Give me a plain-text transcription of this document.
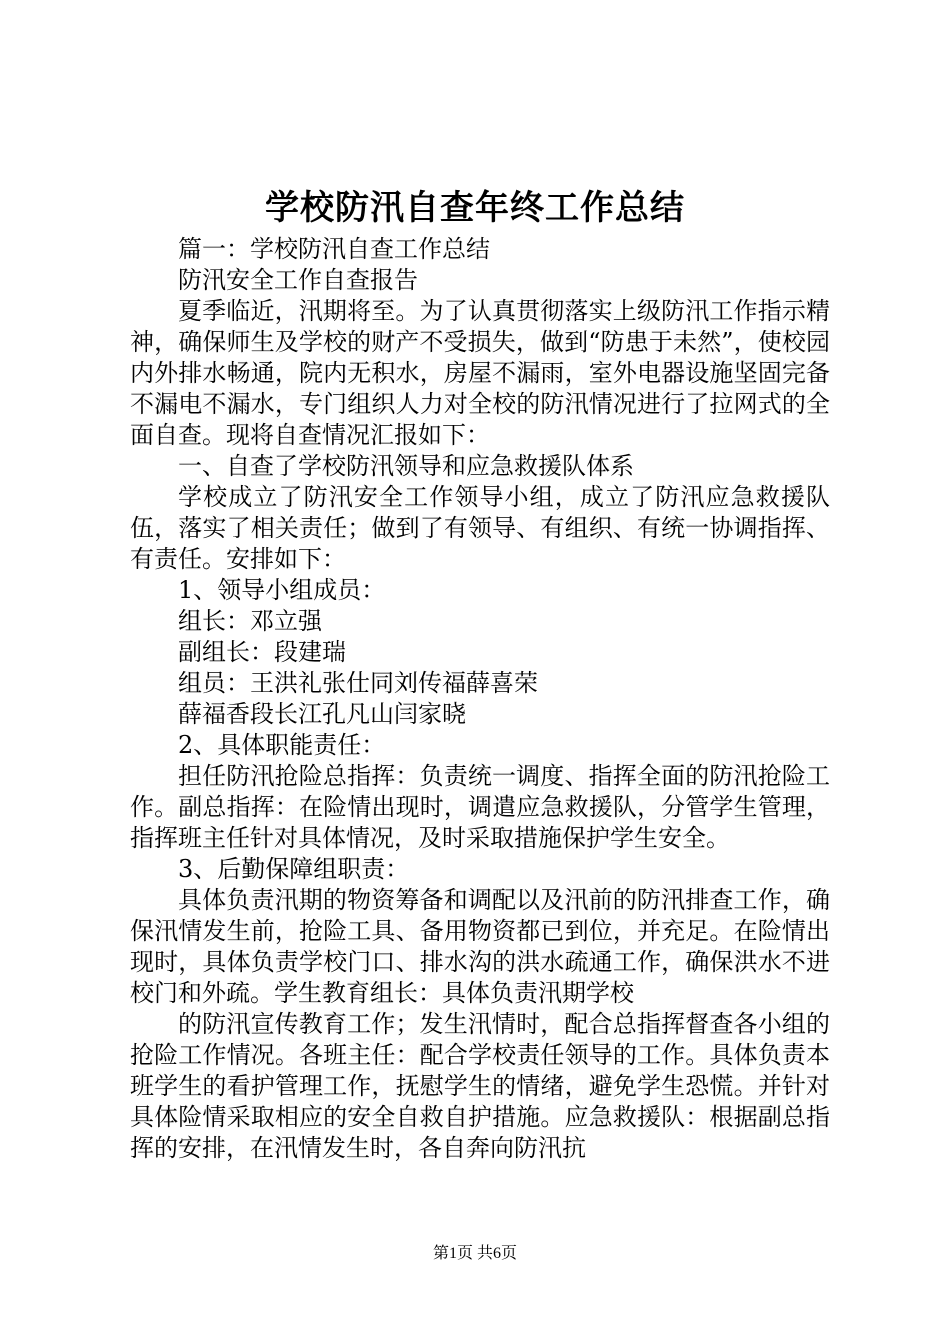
学校防汛自查年终工作总结

篇一：学校防汛自查工作总结

防汛安全工作自查报告

夏季临近，汛期将至。为了认真贯彻落实上级防汛工作指示精神，确保师生及学校的财产不受损失，做到“防患于未然”，使校园内外排水畅通，院内无积水，房屋不漏雨，室外电器设施坚固完备不漏电不漏水，专门组织人力对全校的防汛情况进行了拉网式的全面自查。现将自查情况汇报如下：

一、自查了学校防汛领导和应急救援队体系

学校成立了防汛安全工作领导小组，成立了防汛应急救援队伍，落实了相关责任；做到了有领导、有组织、有统一协调指挥、有责任。安排如下：

1、领导小组成员：

组长：邓立强

副组长：段建瑞

组员：王洪礼张仕同刘传福薛喜荣

薛福香段长江孔凡山闫家晓

2、具体职能责任：

担任防汛抢险总指挥：负责统一调度、指挥全面的防汛抢险工作。副总指挥：在险情出现时，调遣应急救援队，分管学生管理，指挥班主任针对具体情况，及时采取措施保护学生安全。

3、后勤保障组职责：

具体负责汛期的物资筹备和调配以及汛前的防汛排查工作，确保汛情发生前，抢险工具、备用物资都已到位，并充足。在险情出现时，具体负责学校门口、排水沟的洪水疏通工作，确保洪水不进校门和外疏。学生教育组长：具体负责汛期学校

的防汛宣传教育工作；发生汛情时，配合总指挥督查各小组的抢险工作情况。各班主任：配合学校责任领导的工作。具体负责本班学生的看护管理工作，抚慰学生的情绪，避免学生恐慌。并针对具体险情采取相应的安全自救自护措施。应急救援队：根据副总指挥的安排，在汛情发生时，各自奔向防汛抗

第1页 共6页
